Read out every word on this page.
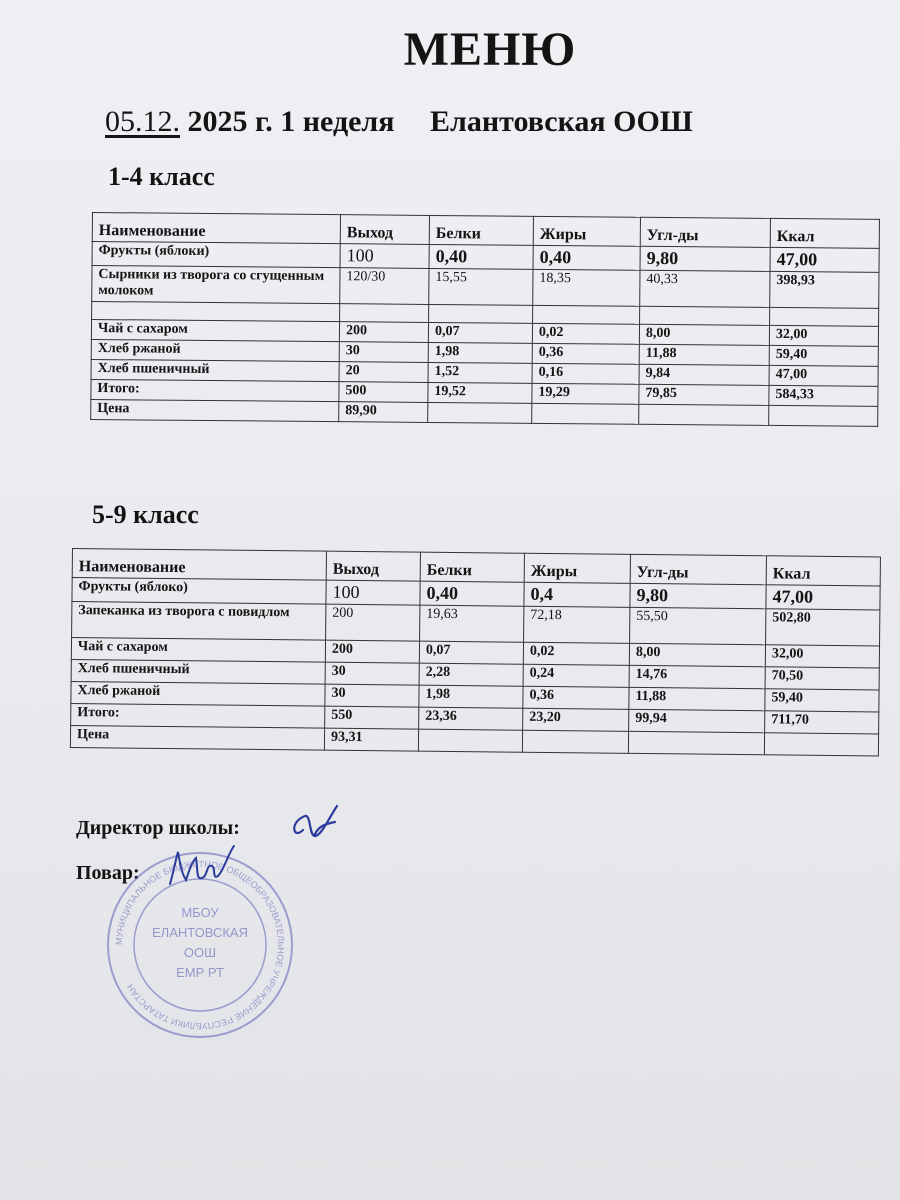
МЕНЮ
05.12. 2025 г. 1 неделя Елантовская ООШ
1-4 класс
Наименование	Выход	Белки	Жиры	Угл-ды	Ккал
Фрукты (яблоки)	100	0,40	0,40	9,80	47,00
Сырники из творога со сгущенным молоком	120/30	15,55	18,35	40,33	398,93

Чай с сахаром	200	0,07	0,02	8,00	32,00
Хлеб ржаной	30	1,98	0,36	11,88	59,40
Хлеб пшеничный	20	1,52	0,16	9,84	47,00
Итого:	500	19,52	19,29	79,85	584,33
Цена	89,90				
5-9 класс
Наименование	Выход	Белки	Жиры	Угл-ды	Ккал
Фрукты (яблоко)	100	0,40	0,4	9,80	47,00
Запеканка из творога с повидлом	200	19,63	72,18	55,50	502,80
Чай с сахаром	200	0,07	0,02	8,00	32,00
Хлеб пшеничный	30	2,28	0,24	14,76	70,50
Хлеб ржаной	30	1,98	0,36	11,88	59,40
Итого:	550	23,36	23,20	99,94	711,70
Цена	93,31				
Директор школы:
Повар:
МУНИЦИПАЛЬНОЕ БЮДЖЕТНОЕ ОБЩЕОБРАЗОВАТЕЛЬНОЕ УЧРЕЖДЕНИЕ РЕСПУБЛИКИ ТАТАРСТАН
МБОУ
ЕЛАНТОВСКАЯ
ООШ
ЕМР РТ
